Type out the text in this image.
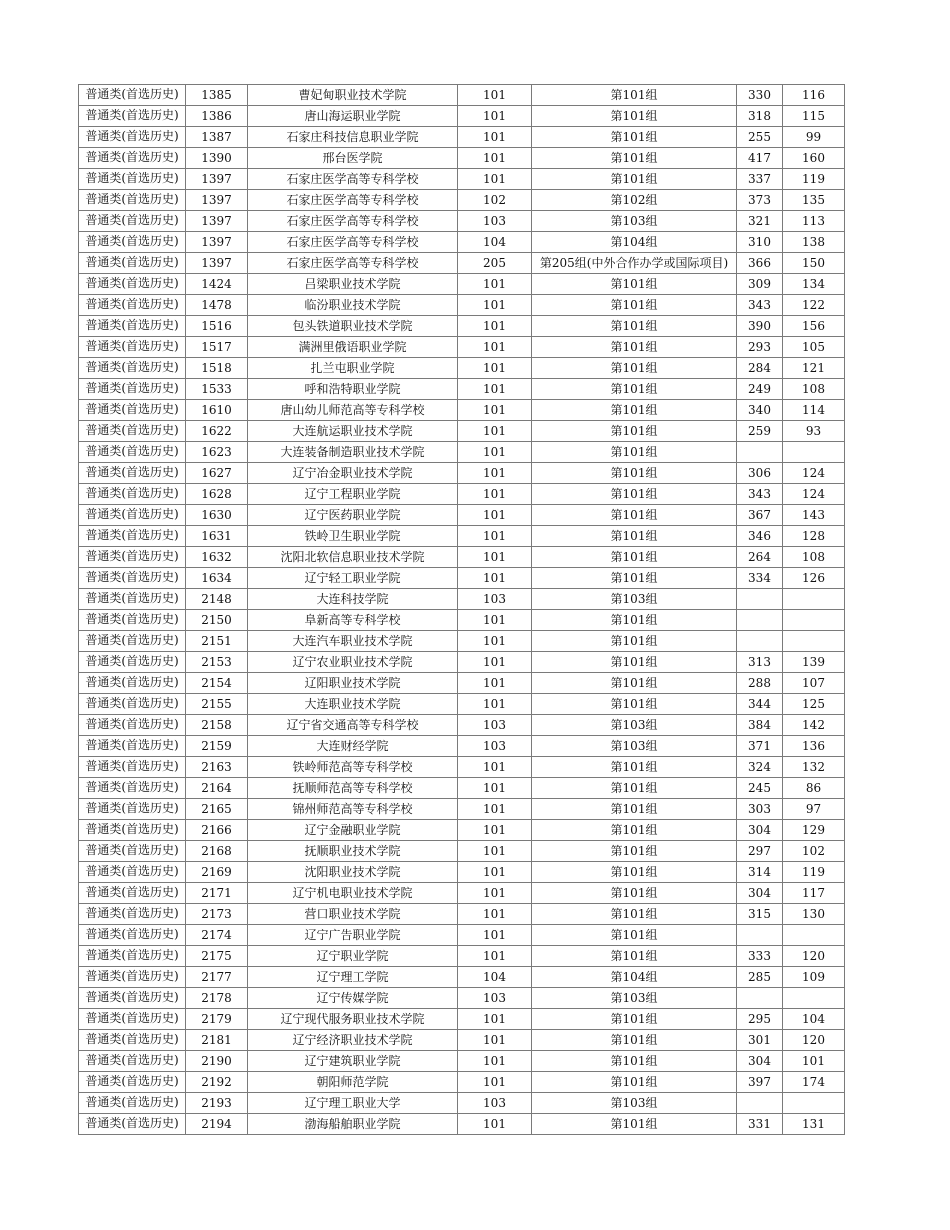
普通类(首选历史)	1385	曹妃甸职业技术学院	101	第101组	330	116

普通类(首选历史)	1386	唐山海运职业学院	101	第101组	318	115

普通类(首选历史)	1387	石家庄科技信息职业学院	101	第101组	255	99

普通类(首选历史)	1390	邢台医学院	101	第101组	417	160

普通类(首选历史)	1397	石家庄医学高等专科学校	101	第101组	337	119

普通类(首选历史)	1397	石家庄医学高等专科学校	102	第102组	373	135

普通类(首选历史)	1397	石家庄医学高等专科学校	103	第103组	321	113

普通类(首选历史)	1397	石家庄医学高等专科学校	104	第104组	310	138

普通类(首选历史)	1397	石家庄医学高等专科学校	205	第205组(中外合作办学或国际项目)	366	150

普通类(首选历史)	1424	吕梁职业技术学院	101	第101组	309	134

普通类(首选历史)	1478	临汾职业技术学院	101	第101组	343	122

普通类(首选历史)	1516	包头铁道职业技术学院	101	第101组	390	156

普通类(首选历史)	1517	满洲里俄语职业学院	101	第101组	293	105

普通类(首选历史)	1518	扎兰屯职业学院	101	第101组	284	121

普通类(首选历史)	1533	呼和浩特职业学院	101	第101组	249	108

普通类(首选历史)	1610	唐山幼儿师范高等专科学校	101	第101组	340	114

普通类(首选历史)	1622	大连航运职业技术学院	101	第101组	259	93

普通类(首选历史)	1623	大连装备制造职业技术学院	101	第101组		

普通类(首选历史)	1627	辽宁冶金职业技术学院	101	第101组	306	124

普通类(首选历史)	1628	辽宁工程职业学院	101	第101组	343	124

普通类(首选历史)	1630	辽宁医药职业学院	101	第101组	367	143

普通类(首选历史)	1631	铁岭卫生职业学院	101	第101组	346	128

普通类(首选历史)	1632	沈阳北软信息职业技术学院	101	第101组	264	108

普通类(首选历史)	1634	辽宁轻工职业学院	101	第101组	334	126

普通类(首选历史)	2148	大连科技学院	103	第103组		

普通类(首选历史)	2150	阜新高等专科学校	101	第101组		

普通类(首选历史)	2151	大连汽车职业技术学院	101	第101组		

普通类(首选历史)	2153	辽宁农业职业技术学院	101	第101组	313	139

普通类(首选历史)	2154	辽阳职业技术学院	101	第101组	288	107

普通类(首选历史)	2155	大连职业技术学院	101	第101组	344	125

普通类(首选历史)	2158	辽宁省交通高等专科学校	103	第103组	384	142

普通类(首选历史)	2159	大连财经学院	103	第103组	371	136

普通类(首选历史)	2163	铁岭师范高等专科学校	101	第101组	324	132

普通类(首选历史)	2164	抚顺师范高等专科学校	101	第101组	245	86

普通类(首选历史)	2165	锦州师范高等专科学校	101	第101组	303	97

普通类(首选历史)	2166	辽宁金融职业学院	101	第101组	304	129

普通类(首选历史)	2168	抚顺职业技术学院	101	第101组	297	102

普通类(首选历史)	2169	沈阳职业技术学院	101	第101组	314	119

普通类(首选历史)	2171	辽宁机电职业技术学院	101	第101组	304	117

普通类(首选历史)	2173	营口职业技术学院	101	第101组	315	130

普通类(首选历史)	2174	辽宁广告职业学院	101	第101组		

普通类(首选历史)	2175	辽宁职业学院	101	第101组	333	120

普通类(首选历史)	2177	辽宁理工学院	104	第104组	285	109

普通类(首选历史)	2178	辽宁传媒学院	103	第103组		

普通类(首选历史)	2179	辽宁现代服务职业技术学院	101	第101组	295	104

普通类(首选历史)	2181	辽宁经济职业技术学院	101	第101组	301	120

普通类(首选历史)	2190	辽宁建筑职业学院	101	第101组	304	101

普通类(首选历史)	2192	朝阳师范学院	101	第101组	397	174

普通类(首选历史)	2193	辽宁理工职业大学	103	第103组		

普通类(首选历史)	2194	渤海船舶职业学院	101	第101组	331	131
